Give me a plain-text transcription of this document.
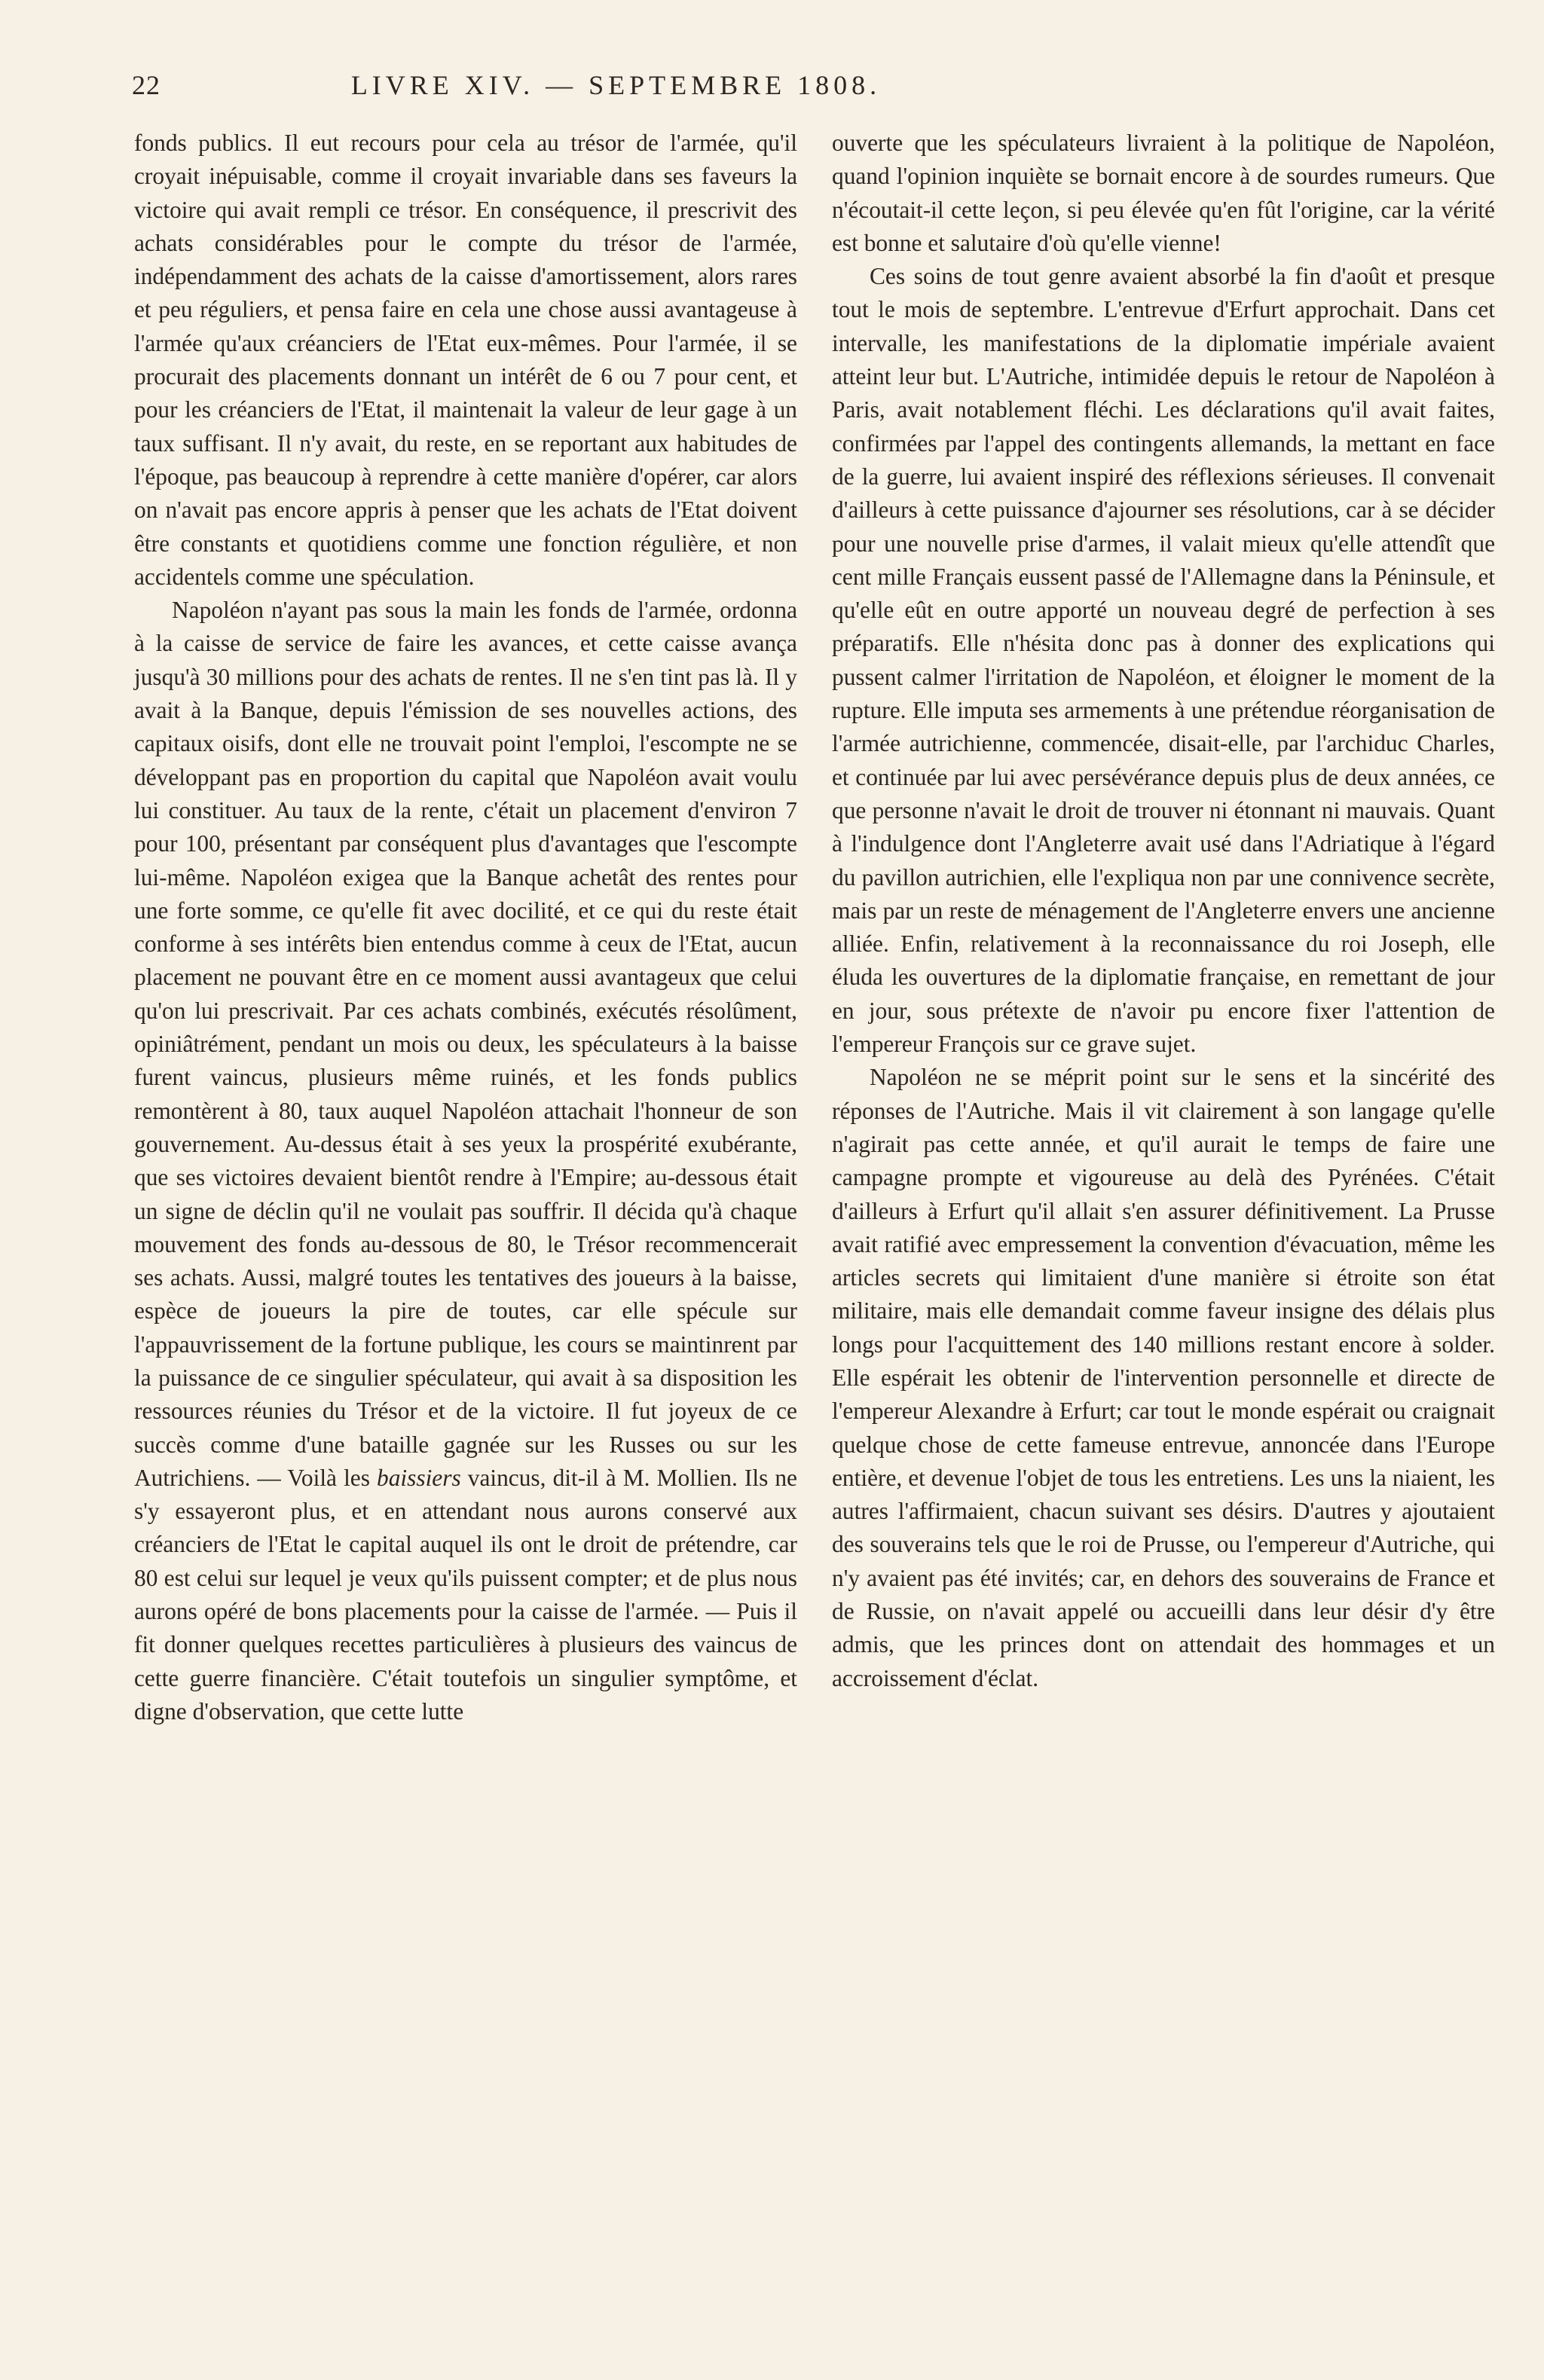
22	LIVRE XIV. — SEPTEMBRE 1808.

fonds publics. Il eut recours pour cela au trésor de l'armée, qu'il croyait inépuisable, comme il croyait invariable dans ses faveurs la victoire qui avait rempli ce trésor. En conséquence, il prescrivit des achats considérables pour le compte du trésor de l'armée, indépendamment des achats de la caisse d'amortissement, alors rares et peu réguliers, et pensa faire en cela une chose aussi avantageuse à l'armée qu'aux créanciers de l'Etat eux-mêmes. Pour l'armée, il se procurait des placements donnant un intérêt de 6 ou 7 pour cent, et pour les créanciers de l'Etat, il maintenait la valeur de leur gage à un taux suffisant. Il n'y avait, du reste, en se reportant aux habitudes de l'époque, pas beaucoup à reprendre à cette manière d'opérer, car alors on n'avait pas encore appris à penser que les achats de l'Etat doivent être constants et quotidiens comme une fonction régulière, et non accidentels comme une spéculation.

Napoléon n'ayant pas sous la main les fonds de l'armée, ordonna à la caisse de service de faire les avances, et cette caisse avança jusqu'à 30 millions pour des achats de rentes. Il ne s'en tint pas là. Il y avait à la Banque, depuis l'émission de ses nouvelles actions, des capitaux oisifs, dont elle ne trouvait point l'emploi, l'escompte ne se développant pas en proportion du capital que Napoléon avait voulu lui constituer. Au taux de la rente, c'était un placement d'environ 7 pour 100, présentant par conséquent plus d'avantages que l'escompte lui-même. Napoléon exigea que la Banque achetât des rentes pour une forte somme, ce qu'elle fit avec docilité, et ce qui du reste était conforme à ses intérêts bien entendus comme à ceux de l'Etat, aucun placement ne pouvant être en ce moment aussi avantageux que celui qu'on lui prescrivait. Par ces achats combinés, exécutés résolûment, opiniâtrément, pendant un mois ou deux, les spéculateurs à la baisse furent vaincus, plusieurs même ruinés, et les fonds publics remontèrent à 80, taux auquel Napoléon attachait l'honneur de son gouvernement. Au-dessus était à ses yeux la prospérité exubérante, que ses victoires devaient bientôt rendre à l'Empire; au-dessous était un signe de déclin qu'il ne voulait pas souffrir. Il décida qu'à chaque mouvement des fonds au-dessous de 80, le Trésor recommencerait ses achats. Aussi, malgré toutes les tentatives des joueurs à la baisse, espèce de joueurs la pire de toutes, car elle spécule sur l'appauvrissement de la fortune publique, les cours se maintinrent par la puissance de ce singulier spéculateur, qui avait à sa disposition les ressources réunies du Trésor et de la victoire. Il fut joyeux de ce succès comme d'une bataille gagnée sur les Russes ou sur les Autrichiens. — Voilà les baissiers vaincus, dit-il à M. Mollien. Ils ne s'y essayeront plus, et en attendant nous aurons conservé aux créanciers de l'Etat le capital auquel ils ont le droit de prétendre, car 80 est celui sur lequel je veux qu'ils puissent compter; et de plus nous aurons opéré de bons placements pour la caisse de l'armée. — Puis il fit donner quelques recettes particulières à plusieurs des vaincus de cette guerre financière. C'était toutefois un singulier symptôme, et digne d'observation, que cette lutte

ouverte que les spéculateurs livraient à la politique de Napoléon, quand l'opinion inquiète se bornait encore à de sourdes rumeurs. Que n'écoutait-il cette leçon, si peu élevée qu'en fût l'origine, car la vérité est bonne et salutaire d'où qu'elle vienne!

Ces soins de tout genre avaient absorbé la fin d'août et presque tout le mois de septembre. L'entrevue d'Erfurt approchait. Dans cet intervalle, les manifestations de la diplomatie impériale avaient atteint leur but. L'Autriche, intimidée depuis le retour de Napoléon à Paris, avait notablement fléchi. Les déclarations qu'il avait faites, confirmées par l'appel des contingents allemands, la mettant en face de la guerre, lui avaient inspiré des réflexions sérieuses. Il convenait d'ailleurs à cette puissance d'ajourner ses résolutions, car à se décider pour une nouvelle prise d'armes, il valait mieux qu'elle attendît que cent mille Français eussent passé de l'Allemagne dans la Péninsule, et qu'elle eût en outre apporté un nouveau degré de perfection à ses préparatifs. Elle n'hésita donc pas à donner des explications qui pussent calmer l'irritation de Napoléon, et éloigner le moment de la rupture. Elle imputa ses armements à une prétendue réorganisation de l'armée autrichienne, commencée, disait-elle, par l'archiduc Charles, et continuée par lui avec persévérance depuis plus de deux années, ce que personne n'avait le droit de trouver ni étonnant ni mauvais. Quant à l'indulgence dont l'Angleterre avait usé dans l'Adriatique à l'égard du pavillon autrichien, elle l'expliqua non par une connivence secrète, mais par un reste de ménagement de l'Angleterre envers une ancienne alliée. Enfin, relativement à la reconnaissance du roi Joseph, elle éluda les ouvertures de la diplomatie française, en remettant de jour en jour, sous prétexte de n'avoir pu encore fixer l'attention de l'empereur François sur ce grave sujet.

Napoléon ne se méprit point sur le sens et la sincérité des réponses de l'Autriche. Mais il vit clairement à son langage qu'elle n'agirait pas cette année, et qu'il aurait le temps de faire une campagne prompte et vigoureuse au delà des Pyrénées. C'était d'ailleurs à Erfurt qu'il allait s'en assurer définitivement. La Prusse avait ratifié avec empressement la convention d'évacuation, même les articles secrets qui limitaient d'une manière si étroite son état militaire, mais elle demandait comme faveur insigne des délais plus longs pour l'acquittement des 140 millions restant encore à solder. Elle espérait les obtenir de l'intervention personnelle et directe de l'empereur Alexandre à Erfurt; car tout le monde espérait ou craignait quelque chose de cette fameuse entrevue, annoncée dans l'Europe entière, et devenue l'objet de tous les entretiens. Les uns la niaient, les autres l'affirmaient, chacun suivant ses désirs. D'autres y ajoutaient des souverains tels que le roi de Prusse, ou l'empereur d'Autriche, qui n'y avaient pas été invités; car, en dehors des souverains de France et de Russie, on n'avait appelé ou accueilli dans leur désir d'y être admis, que les princes dont on attendait des hommages et un accroissement d'éclat.
